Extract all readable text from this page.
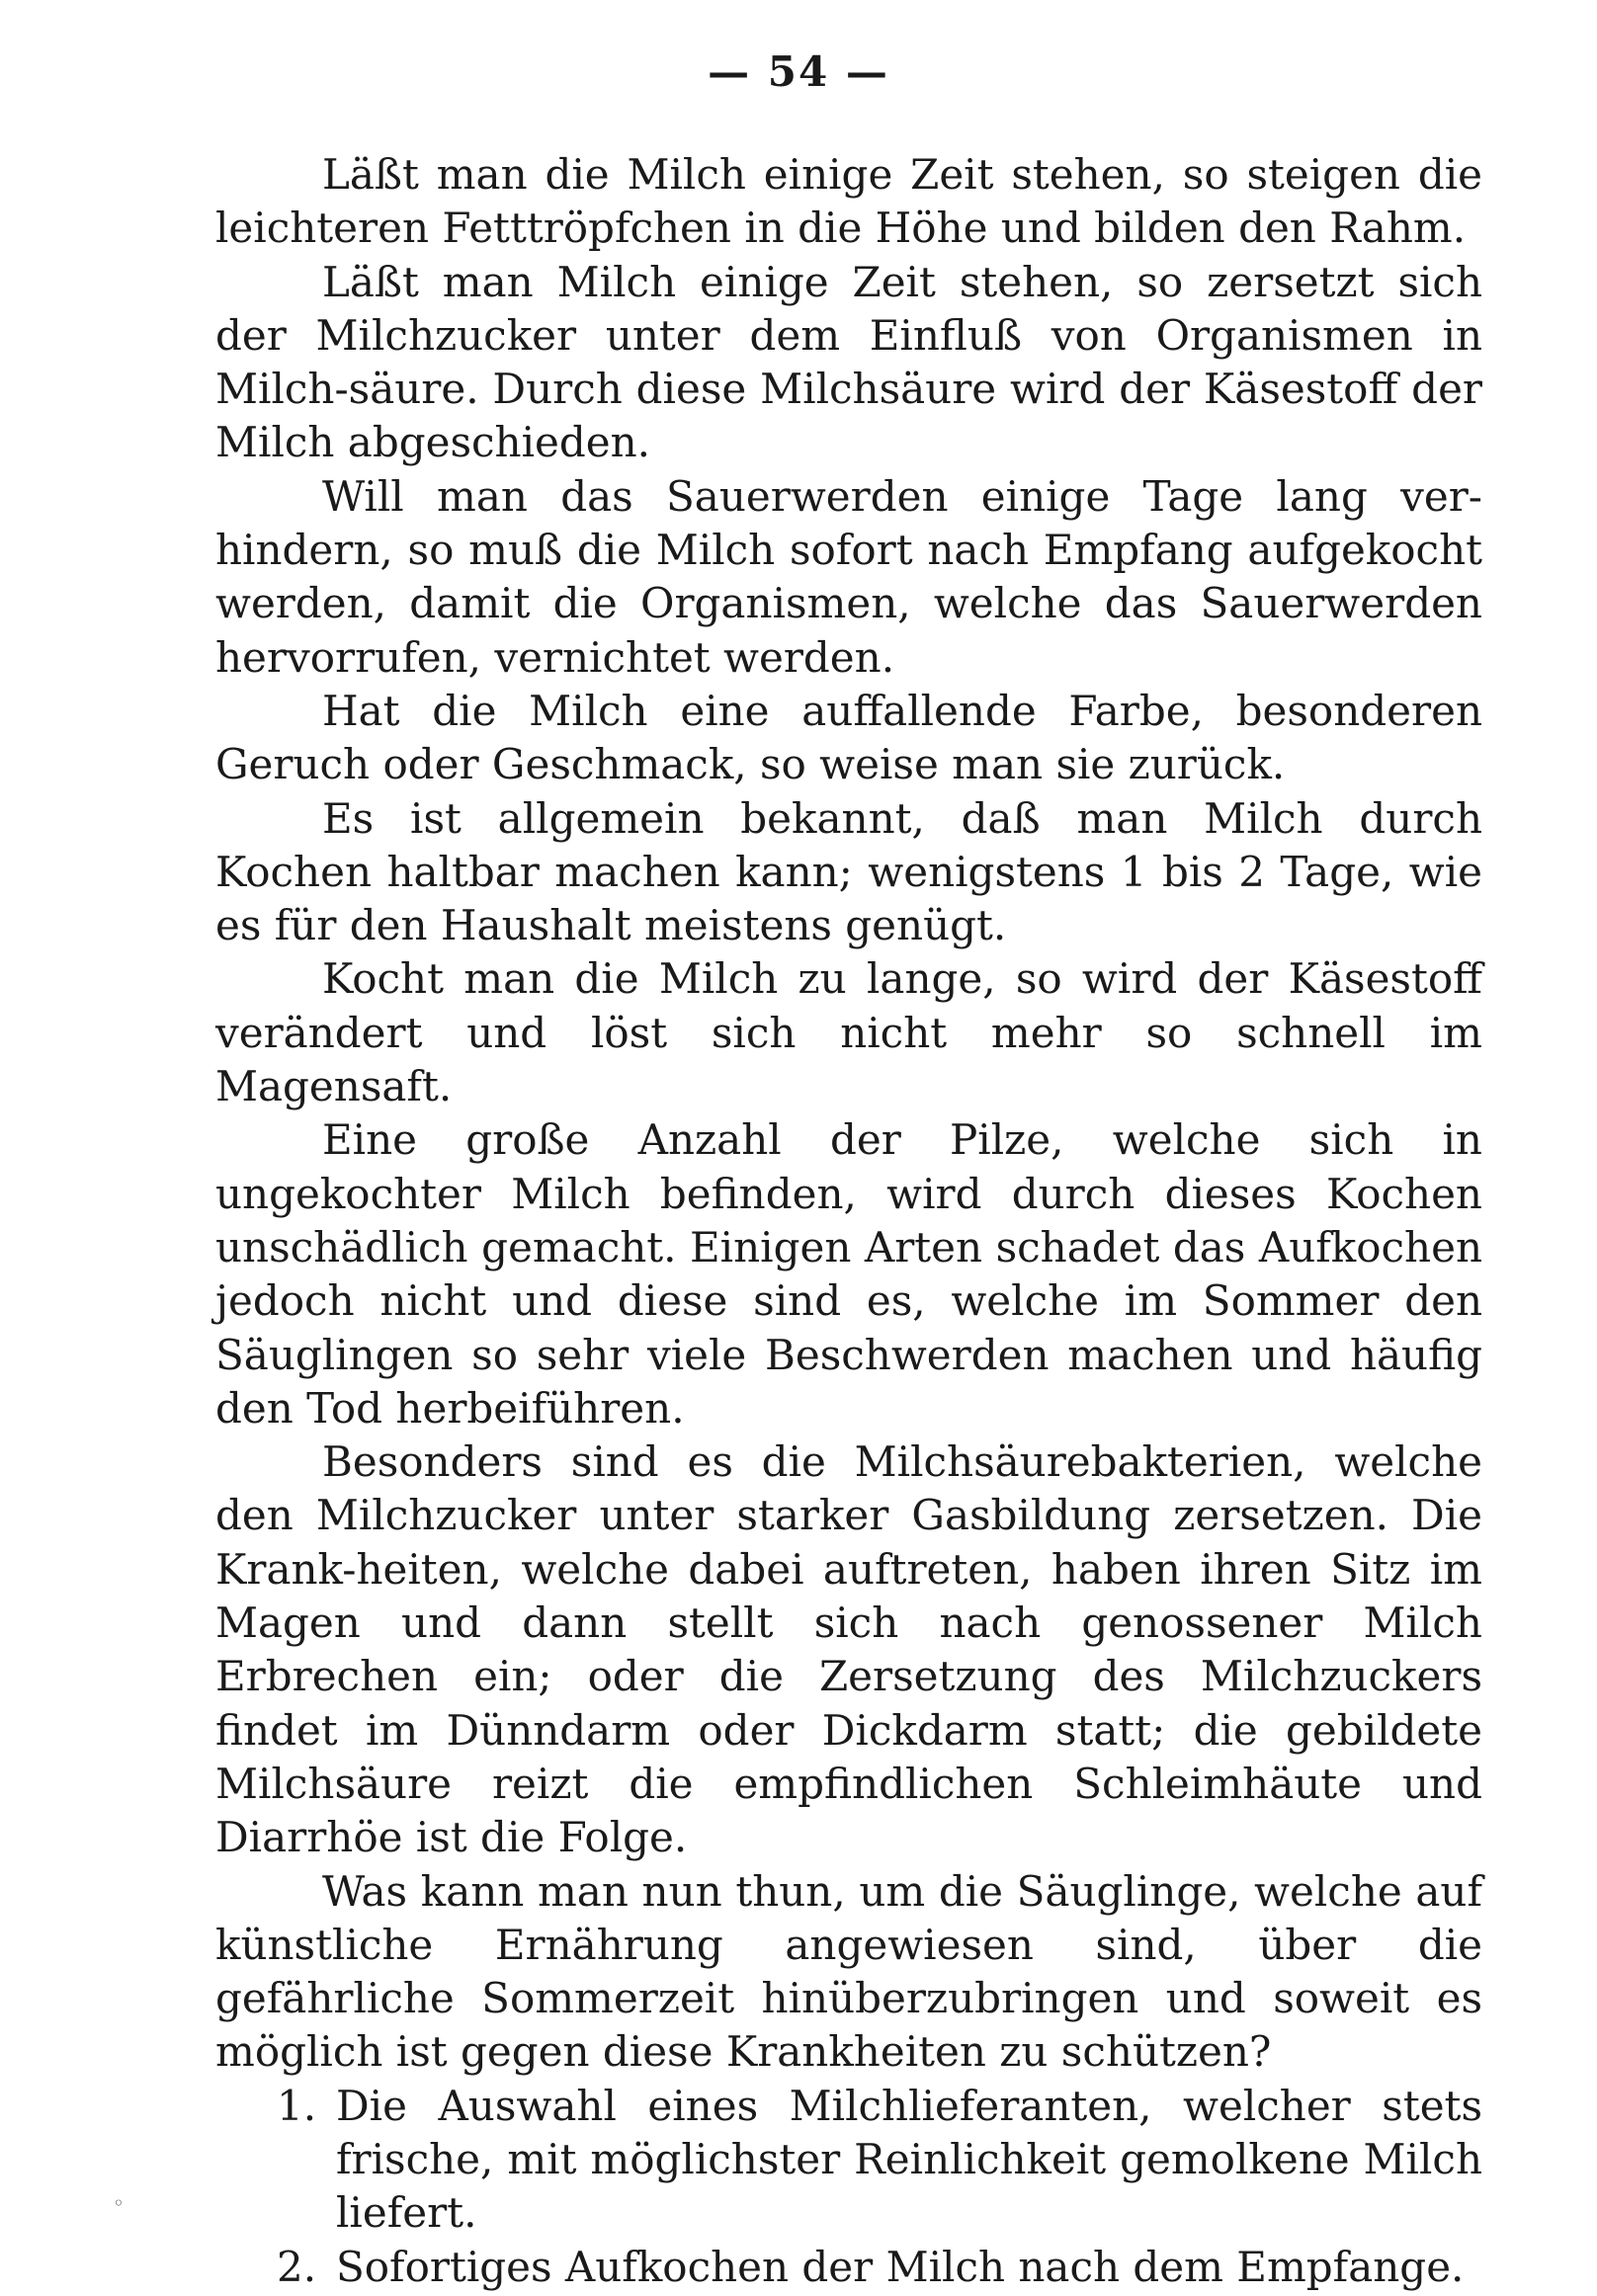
— 54 —

Läßt man die Milch einige Zeit stehen, so steigen die leichteren Fetttröpfchen in die Höhe und bilden den Rahm.

Läßt man Milch einige Zeit stehen, so zersetzt sich der Milchzucker unter dem Einfluß von Organismen in Milch-säure. Durch diese Milchsäure wird der Käsestoff der Milch abgeschieden.

Will man das Sauerwerden einige Tage lang ver-hindern, so muß die Milch sofort nach Empfang aufgekocht werden, damit die Organismen, welche das Sauerwerden hervorrufen, vernichtet werden.

Hat die Milch eine auffallende Farbe, besonderen Geruch oder Geschmack, so weise man sie zurück.

Es ist allgemein bekannt, daß man Milch durch Kochen haltbar machen kann; wenigstens 1 bis 2 Tage, wie es für den Haushalt meistens genügt.

Kocht man die Milch zu lange, so wird der Käsestoff verändert und löst sich nicht mehr so schnell im Magensaft.

Eine große Anzahl der Pilze, welche sich in ungekochter Milch befinden, wird durch dieses Kochen unschädlich gemacht. Einigen Arten schadet das Aufkochen jedoch nicht und diese sind es, welche im Sommer den Säuglingen so sehr viele Beschwerden machen und häufig den Tod herbeiführen.

Besonders sind es die Milchsäurebakterien, welche den Milchzucker unter starker Gasbildung zersetzen. Die Krank-heiten, welche dabei auftreten, haben ihren Sitz im Magen und dann stellt sich nach genossener Milch Erbrechen ein; oder die Zersetzung des Milchzuckers findet im Dünndarm oder Dickdarm statt; die gebildete Milchsäure reizt die empfindlichen Schleimhäute und Diarrhöe ist die Folge.

Was kann man nun thun, um die Säuglinge, welche auf künstliche Ernährung angewiesen sind, über die gefährliche Sommerzeit hinüberzubringen und soweit es möglich ist gegen diese Krankheiten zu schützen?

1. Die Auswahl eines Milchlieferanten, welcher stets frische, mit möglichster Reinlichkeit gemolkene Milch liefert.
2. Sofortiges Aufkochen der Milch nach dem Empfange.
◦
